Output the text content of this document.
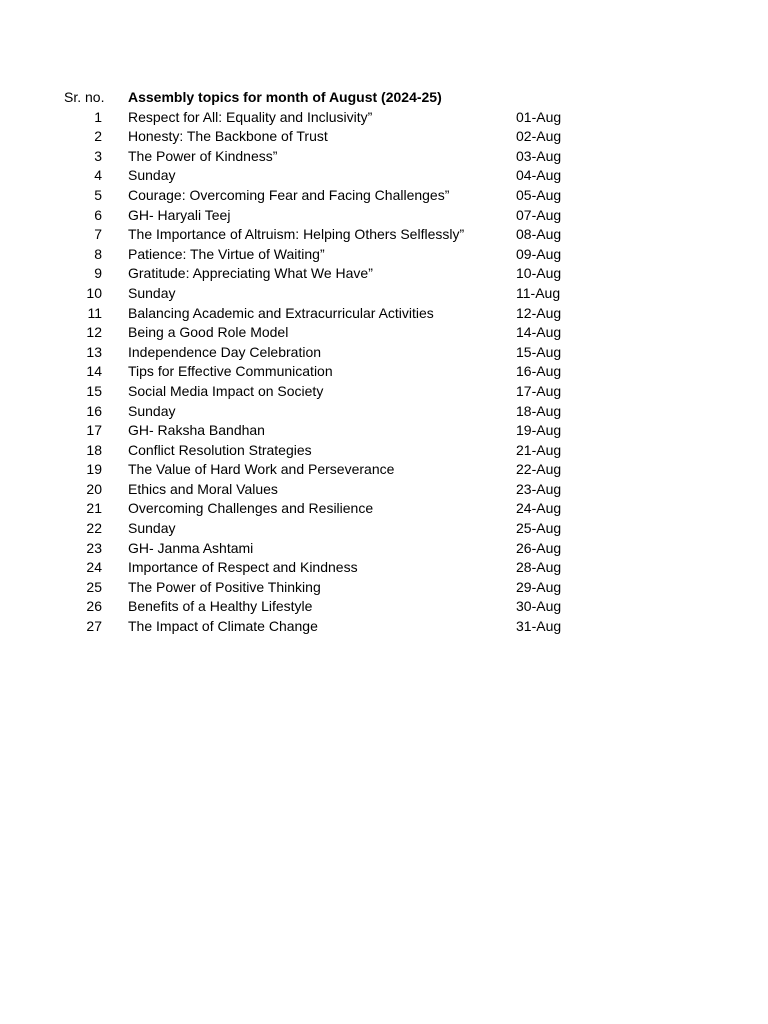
Sr. no. Assembly topics for month of August (2024-25)
1 Respect for All: Equality and Inclusivity”	01-Aug
2 Honesty: The Backbone of Trust	02-Aug
3 The Power of Kindness”	03-Aug
4 Sunday	04-Aug
5 Courage: Overcoming Fear and Facing Challenges”	05-Aug
6 GH- Haryali Teej	07-Aug
7 The Importance of Altruism: Helping Others Selflessly”	08-Aug
8 Patience: The Virtue of Waiting”	09-Aug
9 Gratitude: Appreciating What We Have”	10-Aug
10 Sunday	11-Aug
11 Balancing Academic and Extracurricular Activities	12-Aug
12 Being a Good Role Model	14-Aug
13 Independence Day Celebration	15-Aug
14 Tips for Effective Communication	16-Aug
15 Social Media Impact on Society	17-Aug
16 Sunday	18-Aug
17 GH- Raksha Bandhan	19-Aug
18 Conflict Resolution Strategies	21-Aug
19 The Value of Hard Work and Perseverance	22-Aug
20 Ethics and Moral Values	23-Aug
21 Overcoming Challenges and Resilience	24-Aug
22 Sunday	25-Aug
23 GH- Janma Ashtami	26-Aug
24 Importance of Respect and Kindness	28-Aug
25 The Power of Positive Thinking	29-Aug
26 Benefits of a Healthy Lifestyle	30-Aug
27 The Impact of Climate Change	31-Aug
